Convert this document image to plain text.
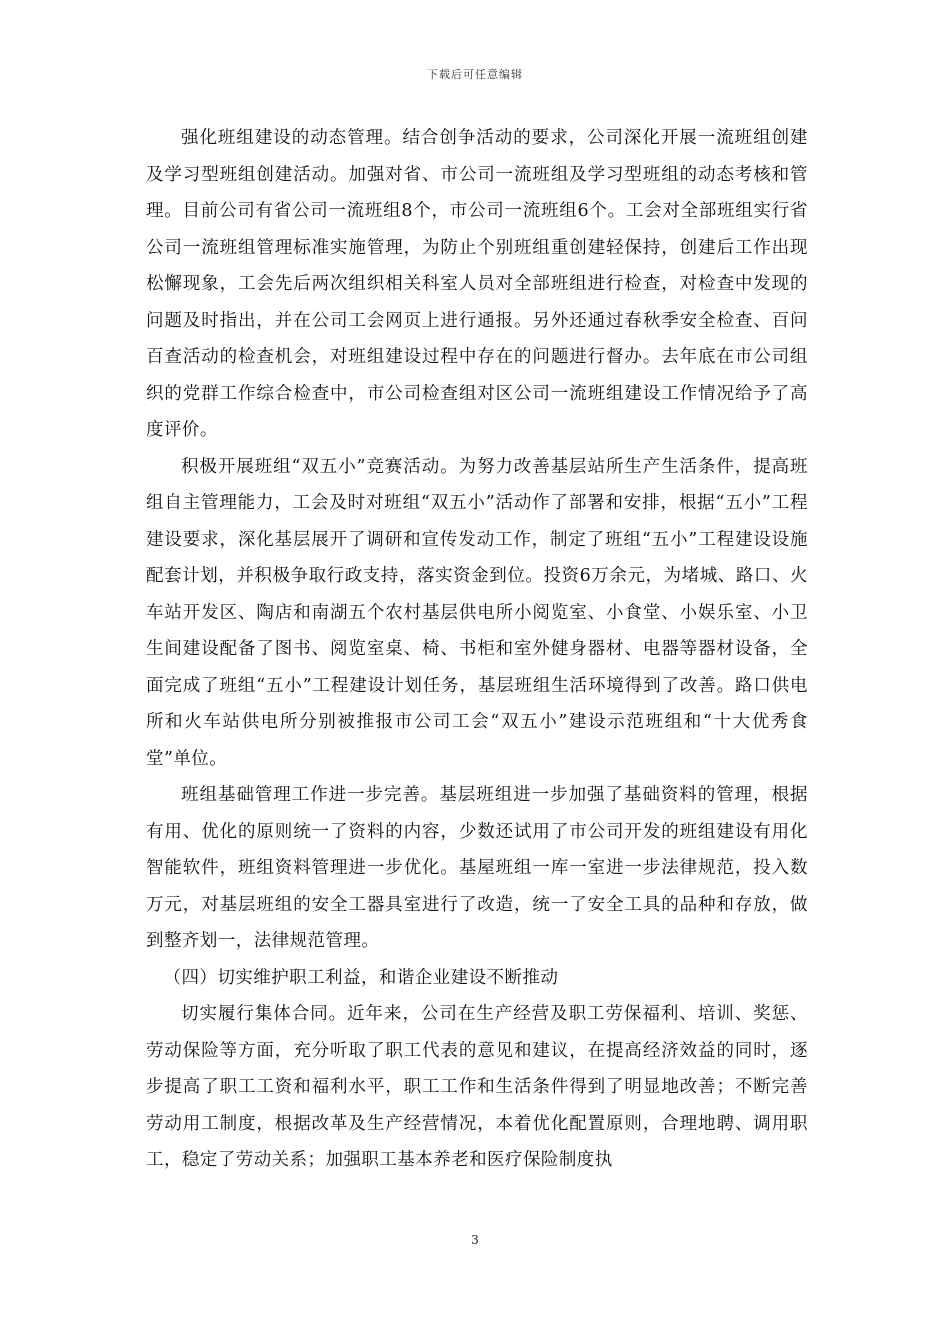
下载后可任意编辑

强化班组建设的动态管理。结合创争活动的要求，公司深化开展一流班组创建及学习型班组创建活动。加强对省、市公司一流班组及学习型班组的动态考核和管理。目前公司有省公司一流班组8个，市公司一流班组6个。工会对全部班组实行省公司一流班组管理标准实施管理，为防止个别班组重创建轻保持，创建后工作出现松懈现象，工会先后两次组织相关科室人员对全部班组进行检查，对检查中发现的问题及时指出，并在公司工会网页上进行通报。另外还通过春秋季安全检查、百问百查活动的检查机会，对班组建设过程中存在的问题进行督办。去年底在市公司组织的党群工作综合检查中，市公司检查组对区公司一流班组建设工作情况给予了高度评价。

积极开展班组“双五小”竞赛活动。为努力改善基层站所生产生活条件，提高班组自主管理能力，工会及时对班组“双五小”活动作了部署和安排，根据“五小”工程建设要求，深化基层展开了调研和宣传发动工作，制定了班组“五小”工程建设设施配套计划，并积极争取行政支持，落实资金到位。投资6万余元，为堵城、路口、火车站开发区、陶店和南湖五个农村基层供电所小阅览室、小食堂、小娱乐室、小卫生间建设配备了图书、阅览室桌、椅、书柜和室外健身器材、电器等器材设备，全面完成了班组“五小”工程建设计划任务，基层班组生活环境得到了改善。路口供电所和火车站供电所分别被推报市公司工会“双五小”建设示范班组和“十大优秀食堂”单位。

班组基础管理工作进一步完善。基层班组进一步加强了基础资料的管理，根据有用、优化的原则统一了资料的内容，少数还试用了市公司开发的班组建设有用化智能软件，班组资料管理进一步优化。基屋班组一库一室进一步法律规范，投入数万元，对基层班组的安全工器具室进行了改造，统一了安全工具的品种和存放，做到整齐划一，法律规范管理。

（四）切实维护职工利益，和谐企业建设不断推动

切实履行集体合同。近年来，公司在生产经营及职工劳保福利、培训、奖惩、劳动保险等方面，充分听取了职工代表的意见和建议，在提高经济效益的同时，逐步提高了职工工资和福利水平，职工工作和生活条件得到了明显地改善；不断完善劳动用工制度，根据改革及生产经营情况，本着优化配置原则，合理地聘、调用职工，稳定了劳动关系；加强职工基本养老和医疗保险制度执

3
